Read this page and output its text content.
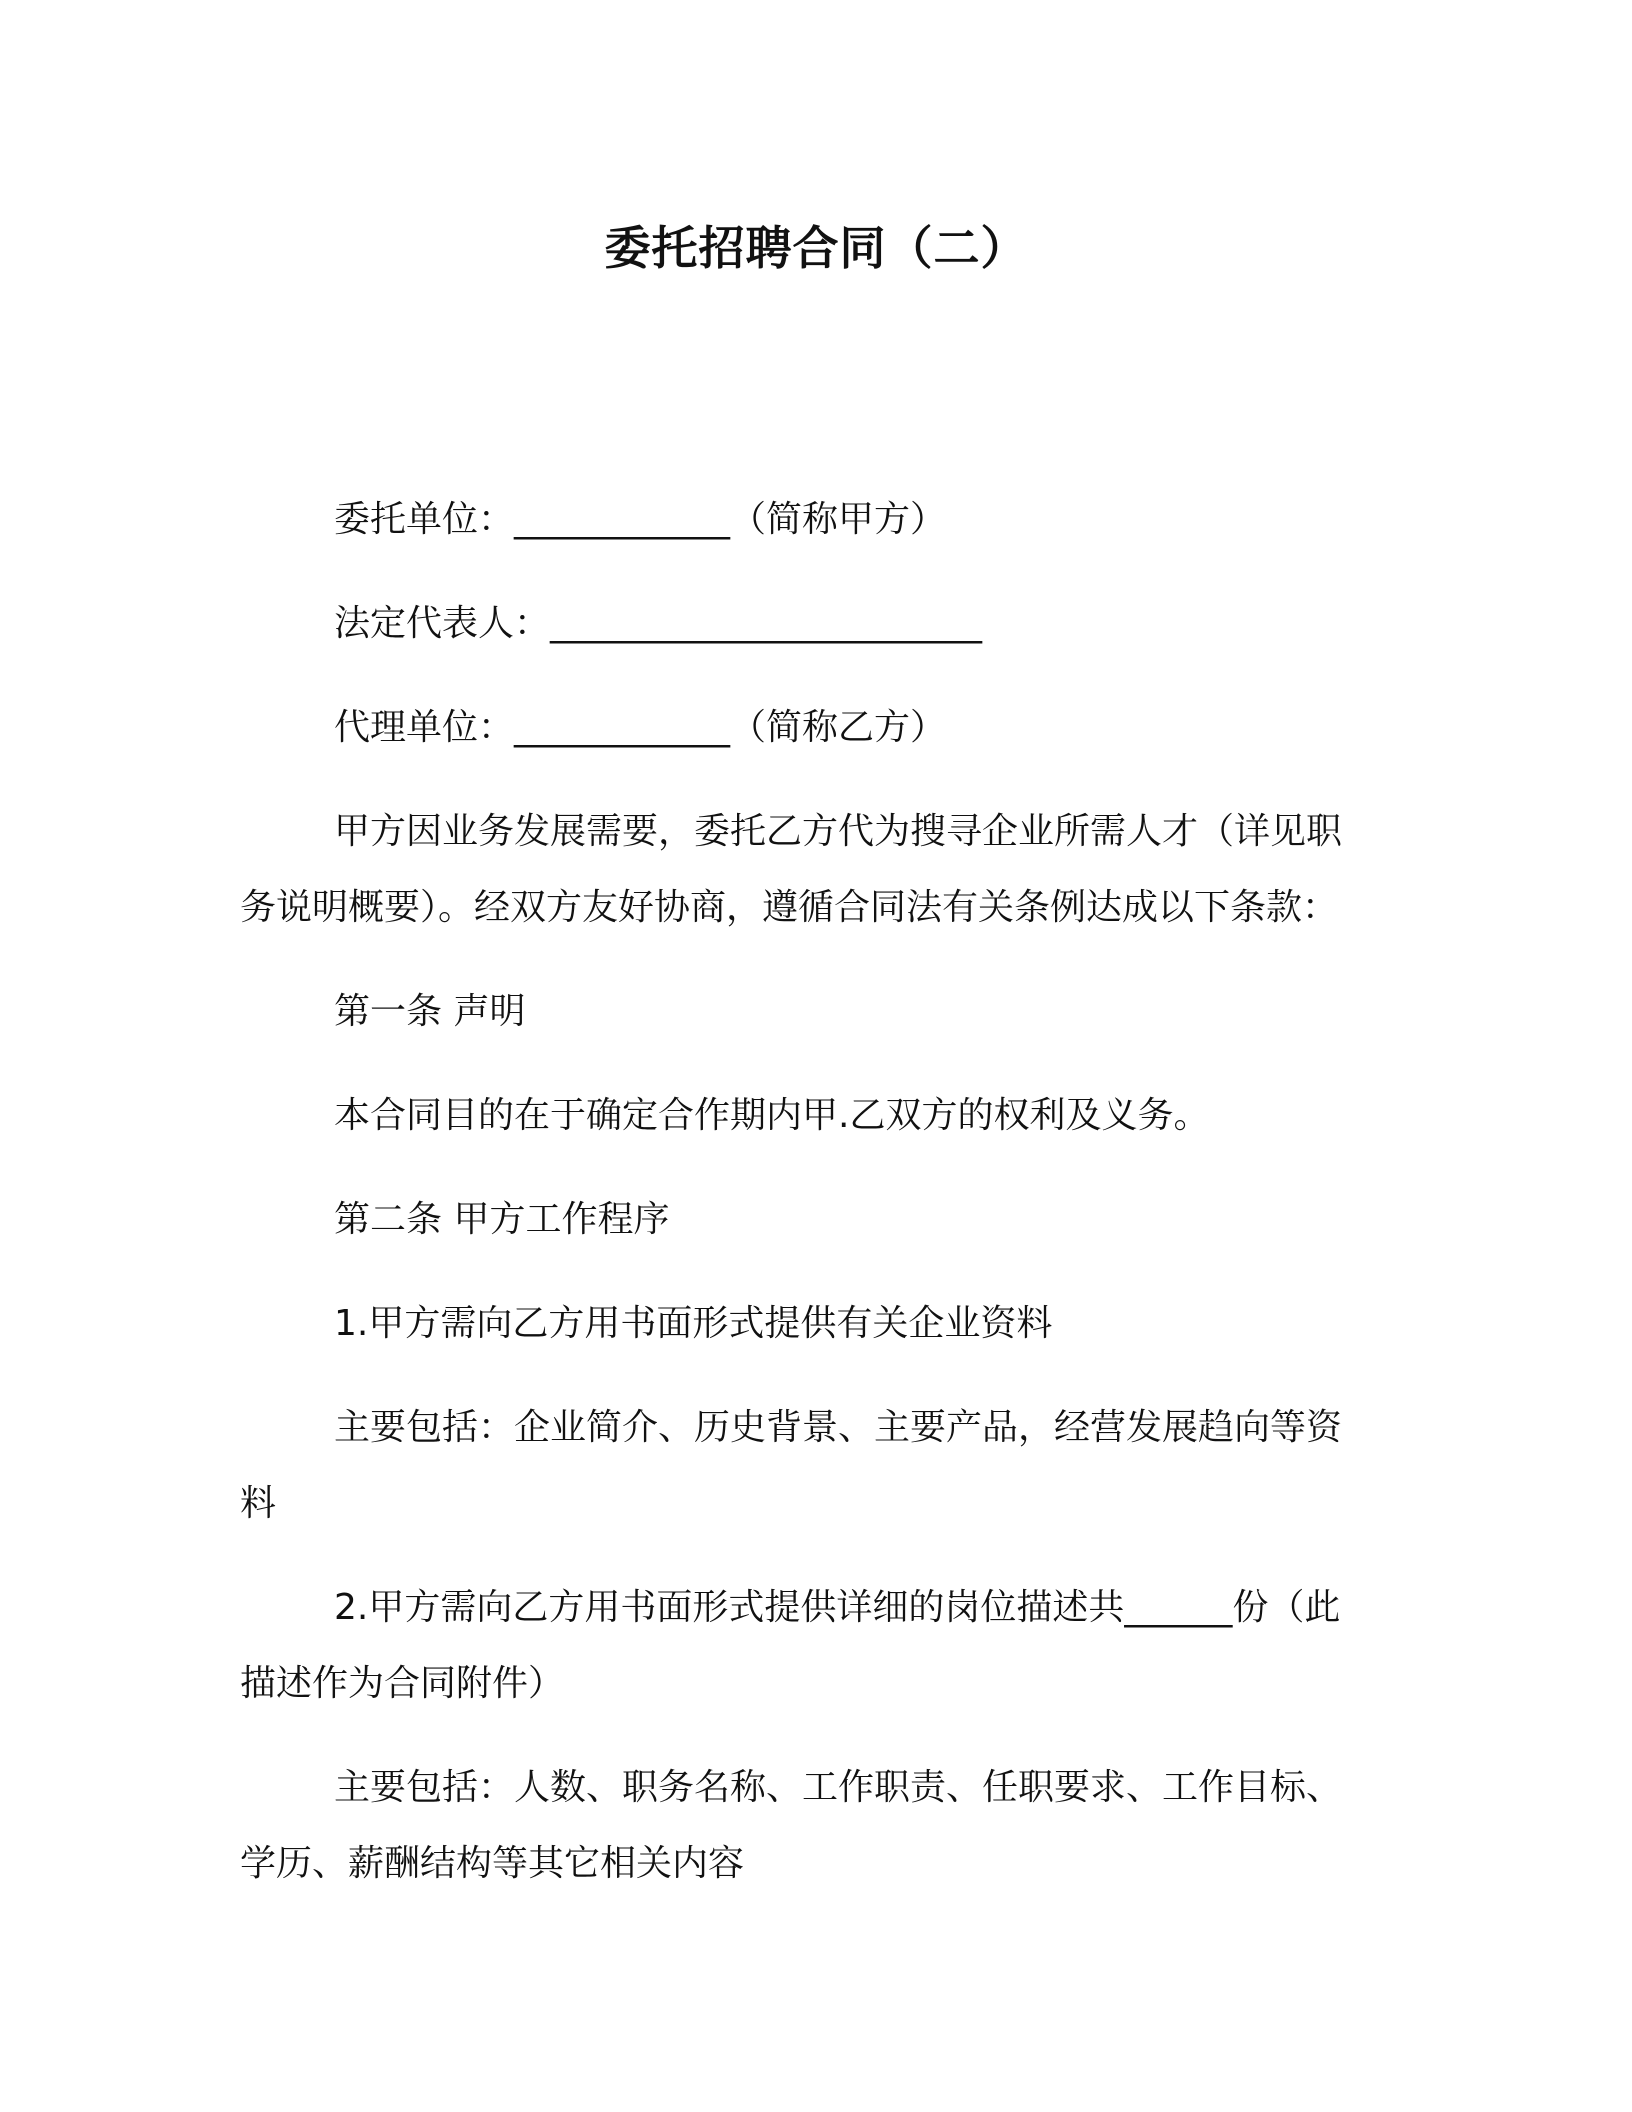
委托招聘合同（二）
委托单位：____________（简称甲方）
法定代表人：________________________
代理单位：____________（简称乙方）
甲方因业务发展需要，委托乙方代为搜寻企业所需人才（详见职
务说明概要）。经双方友好协商，遵循合同法有关条例达成以下条款：
第一条 声明
本合同目的在于确定合作期内甲.乙双方的权利及义务。
第二条 甲方工作程序
1.甲方需向乙方用书面形式提供有关企业资料
主要包括：企业简介、历史背景、主要产品，经营发展趋向等资
料
2.甲方需向乙方用书面形式提供详细的岗位描述共______份（此
描述作为合同附件）
主要包括：人数、职务名称、工作职责、任职要求、工作目标、
学历、薪酬结构等其它相关内容
